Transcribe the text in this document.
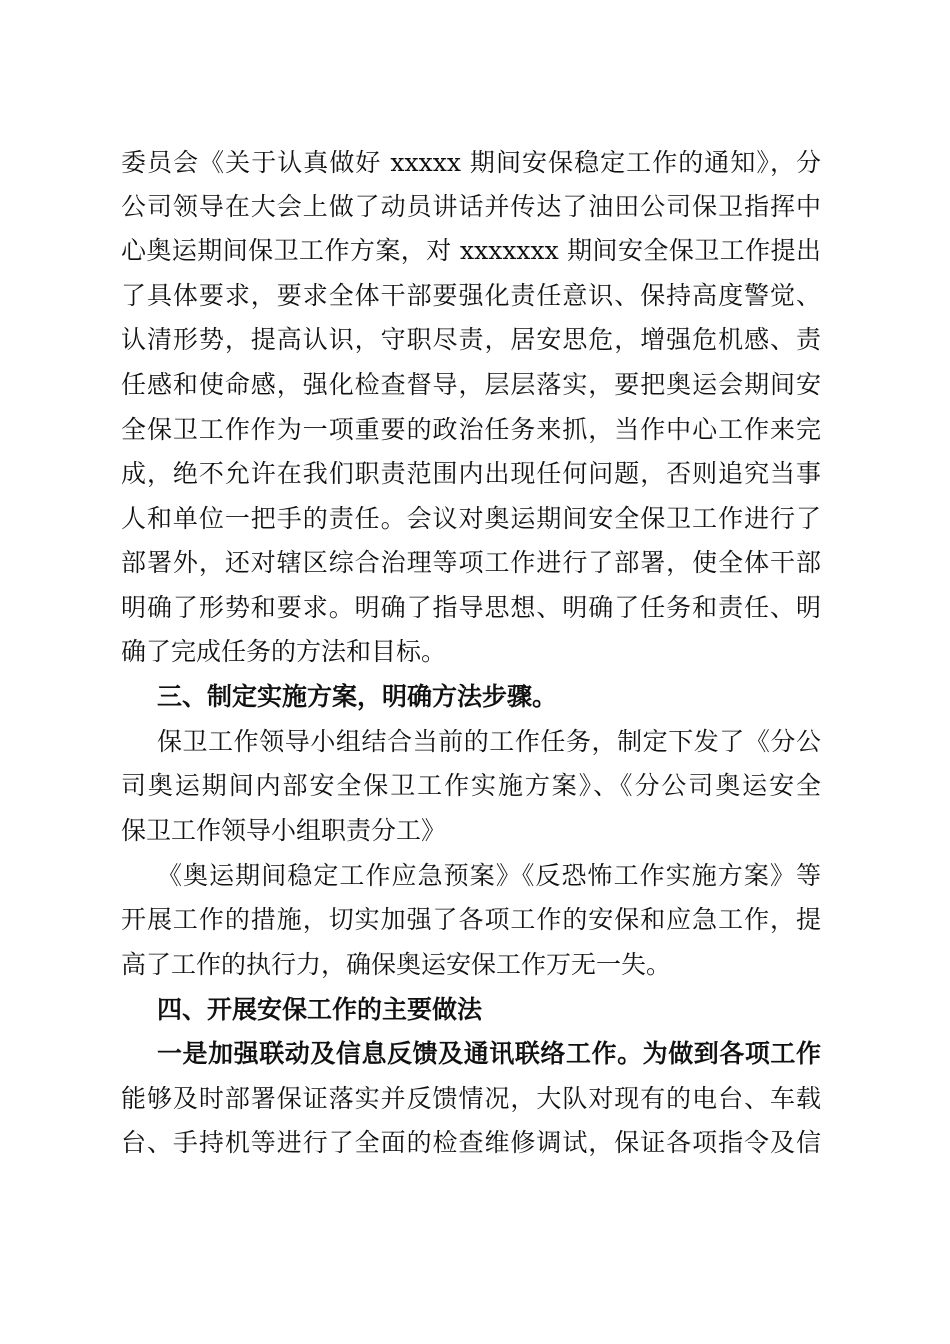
委员会《关于认真做好 xxxxx 期间安保稳定工作的通知》，分
公司领导在大会上做了动员讲话并传达了油田公司保卫指挥中
心奥运期间保卫工作方案，对 xxxxxxx 期间安全保卫工作提出
了具体要求，要求全体干部要强化责任意识、保持高度警觉、
认清形势，提高认识，守职尽责，居安思危，增强危机感、责
任感和使命感，强化检查督导，层层落实，要把奥运会期间安
全保卫工作作为一项重要的政治任务来抓，当作中心工作来完
成，绝不允许在我们职责范围内出现任何问题，否则追究当事
人和单位一把手的责任。会议对奥运期间安全保卫工作进行了
部署外，还对辖区综合治理等项工作进行了部署，使全体干部
明确了形势和要求。明确了指导思想、明确了任务和责任、明
确了完成任务的方法和目标。
三、制定实施方案，明确方法步骤。
保卫工作领导小组结合当前的工作任务，制定下发了《分公
司奥运期间内部安全保卫工作实施方案》、《分公司奥运安全
保卫工作领导小组职责分工》
《奥运期间稳定工作应急预案》《反恐怖工作实施方案》等
开展工作的措施，切实加强了各项工作的安保和应急工作，提
高了工作的执行力，确保奥运安保工作万无一失。
四、开展安保工作的主要做法
一是加强联动及信息反馈及通讯联络工作。为做到各项工作
能够及时部署保证落实并反馈情况，大队对现有的电台、车载
台、手持机等进行了全面的检查维修调试，保证各项指令及信
